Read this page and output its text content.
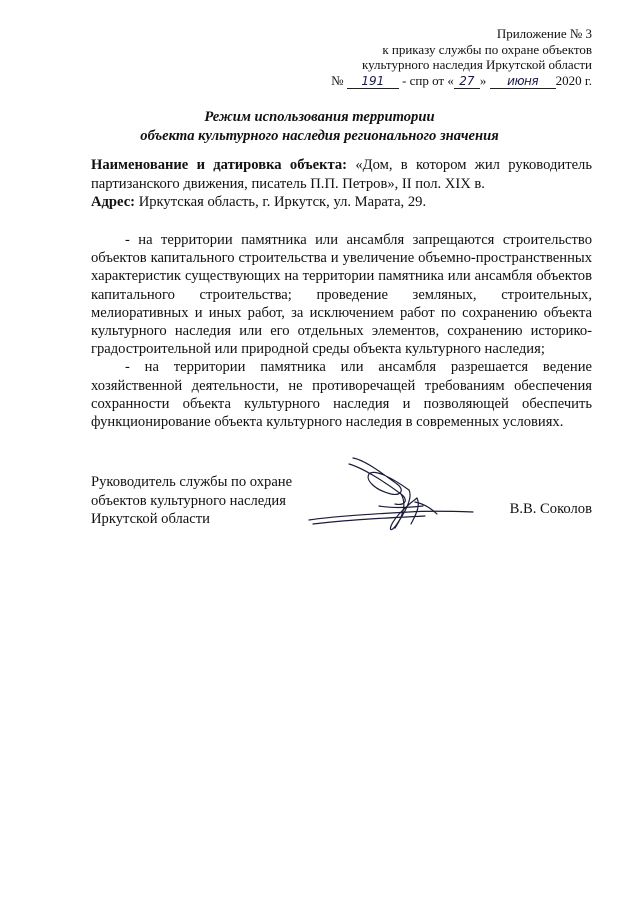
Приложение № 3
к приказу службы по охране объектов
культурного наследия Иркутской области
№ 191 - спр от « 27 » июня 2020 г.
Режим использования территории
объекта культурного наследия регионального значения
Наименование и датировка объекта: «Дом, в котором жил руководитель партизанского движения, писатель П.П. Петров», II пол. XIX в.
Адрес: Иркутская область, г. Иркутск, ул. Марата, 29.

- на территории памятника или ансамбля запрещаются строительство объектов капитального строительства и увеличение объемно-пространственных характеристик существующих на территории памятника или ансамбля объектов капитального строительства; проведение земляных, строительных, мелиоративных и иных работ, за исключением работ по сохранению объекта культурного наследия или его отдельных элементов, сохранению историко-градостроительной или природной среды объекта культурного наследия;

- на территории памятника или ансамбля разрешается ведение хозяйственной деятельности, не противоречащей требованиям обеспечения сохранности объекта культурного наследия и позволяющей обеспечить функционирование объекта культурного наследия в современных условиях.

Руководитель службы по охране
объектов культурного наследия
Иркутской области
В.В. Соколов
